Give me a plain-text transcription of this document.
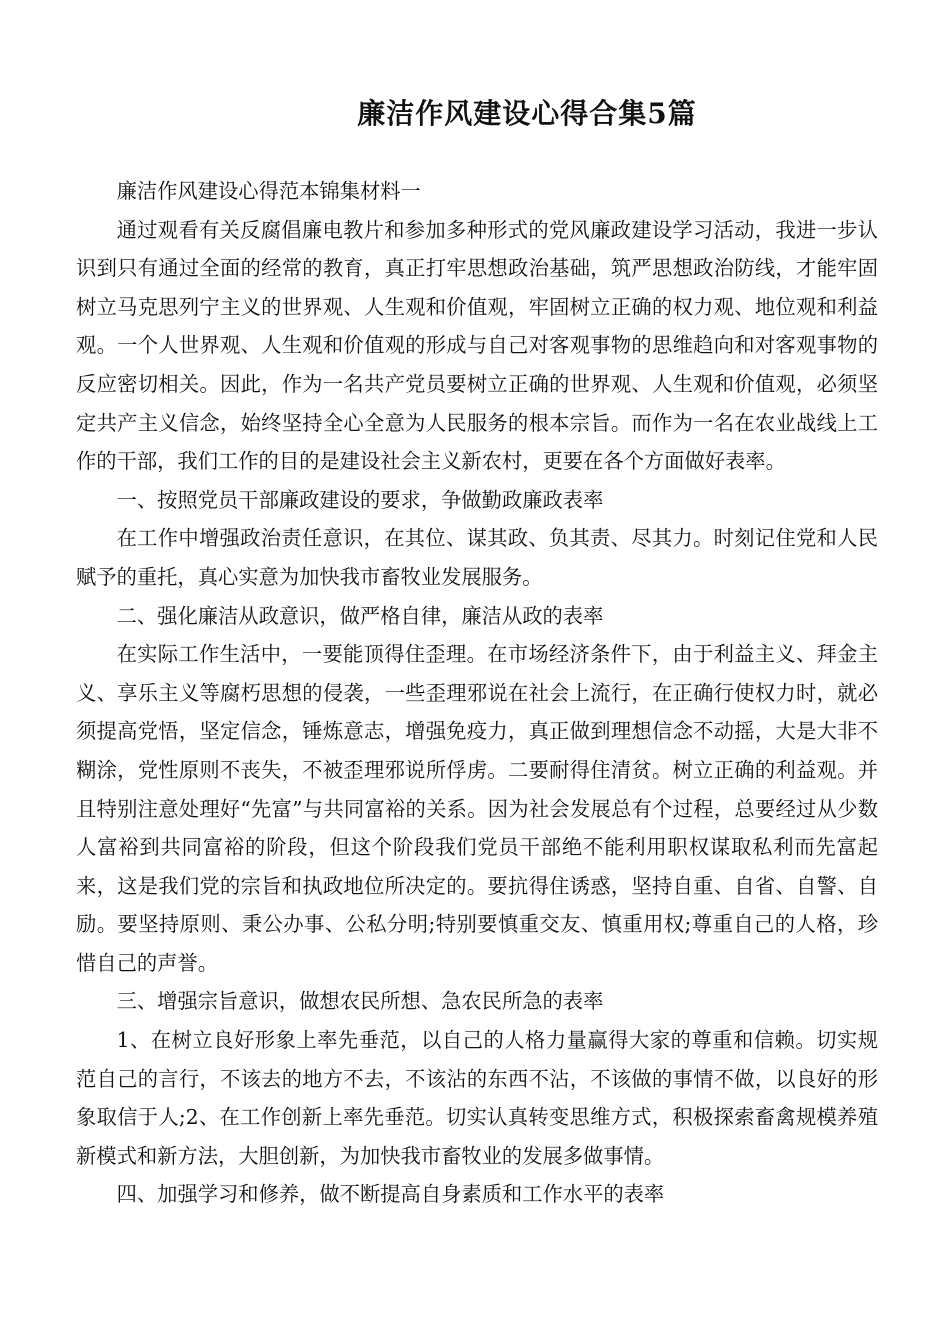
廉洁作风建设心得合集5篇

廉洁作风建设心得范本锦集材料一

通过观看有关反腐倡廉电教片和参加多种形式的党风廉政建设学习活动，我进一步认识到只有通过全面的经常的教育，真正打牢思想政治基础，筑严思想政治防线，才能牢固树立马克思列宁主义的世界观、人生观和价值观，牢固树立正确的权力观、地位观和利益观。一个人世界观、人生观和价值观的形成与自己对客观事物的思维趋向和对客观事物的反应密切相关。因此，作为一名共产党员要树立正确的世界观、人生观和价值观，必须坚定共产主义信念，始终坚持全心全意为人民服务的根本宗旨。而作为一名在农业战线上工作的干部，我们工作的目的是建设社会主义新农村，更要在各个方面做好表率。

一、按照党员干部廉政建设的要求，争做勤政廉政表率

在工作中增强政治责任意识，在其位、谋其政、负其责、尽其力。时刻记住党和人民赋予的重托，真心实意为加快我市畜牧业发展服务。

二、强化廉洁从政意识，做严格自律，廉洁从政的表率

在实际工作生活中，一要能顶得住歪理。在市场经济条件下，由于利益主义、拜金主义、享乐主义等腐朽思想的侵袭，一些歪理邪说在社会上流行，在正确行使权力时，就必须提高党悟，坚定信念，锤炼意志，增强免疫力，真正做到理想信念不动摇，大是大非不糊涂，党性原则不丧失，不被歪理邪说所俘虏。二要耐得住清贫。树立正确的利益观。并且特别注意处理好“先富”与共同富裕的关系。因为社会发展总有个过程，总要经过从少数人富裕到共同富裕的阶段，但这个阶段我们党员干部绝不能利用职权谋取私利而先富起来，这是我们党的宗旨和执政地位所决定的。要抗得住诱惑，坚持自重、自省、自警、自励。要坚持原则、秉公办事、公私分明;特别要慎重交友、慎重用权;尊重自己的人格，珍惜自己的声誉。

三、增强宗旨意识，做想农民所想、急农民所急的表率

1、在树立良好形象上率先垂范，以自己的人格力量赢得大家的尊重和信赖。切实规范自己的言行，不该去的地方不去，不该沾的东西不沾，不该做的事情不做，以良好的形象取信于人;2、在工作创新上率先垂范。切实认真转变思维方式，积极探索畜禽规模养殖新模式和新方法，大胆创新，为加快我市畜牧业的发展多做事情。

四、加强学习和修养，做不断提高自身素质和工作水平的表率
